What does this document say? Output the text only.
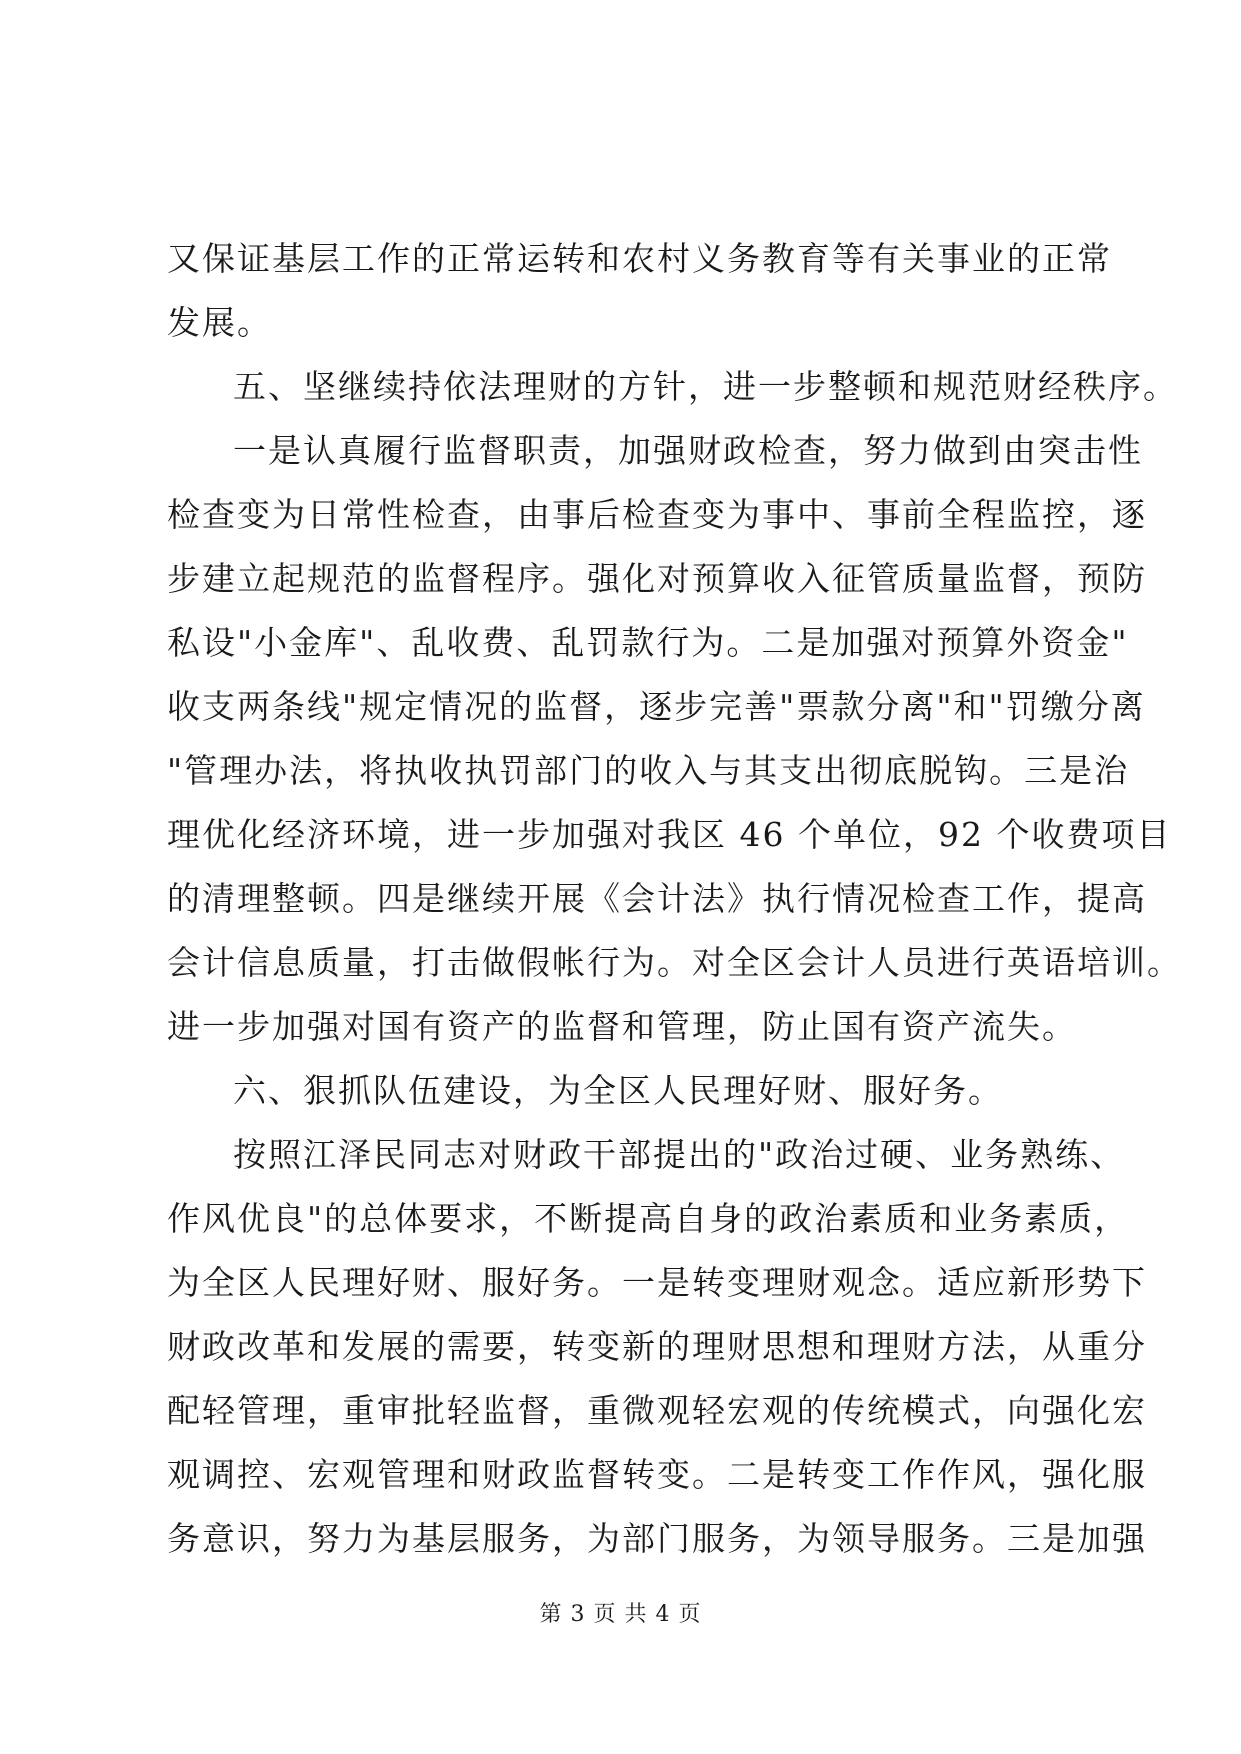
又保证基层工作的正常运转和农村义务教育等有关事业的正常
发展。
五、坚继续持依法理财的方针，进一步整顿和规范财经秩序。
一是认真履行监督职责，加强财政检查，努力做到由突击性
检查变为日常性检查，由事后检查变为事中、事前全程监控，逐
步建立起规范的监督程序。强化对预算收入征管质量监督，预防
私设"小金库"、乱收费、乱罚款行为。二是加强对预算外资金"
收支两条线"规定情况的监督，逐步完善"票款分离"和"罚缴分离
"管理办法，将执收执罚部门的收入与其支出彻底脱钩。三是治
理优化经济环境，进一步加强对我区 46 个单位，92 个收费项目
的清理整顿。四是继续开展《会计法》执行情况检查工作，提高
会计信息质量，打击做假帐行为。对全区会计人员进行英语培训。
进一步加强对国有资产的监督和管理，防止国有资产流失。
六、狠抓队伍建设，为全区人民理好财、服好务。
按照江泽民同志对财政干部提出的"政治过硬、业务熟练、
作风优良"的总体要求，不断提高自身的政治素质和业务素质，
为全区人民理好财、服好务。一是转变理财观念。适应新形势下
财政改革和发展的需要，转变新的理财思想和理财方法，从重分
配轻管理，重审批轻监督，重微观轻宏观的传统模式，向强化宏
观调控、宏观管理和财政监督转变。二是转变工作作风，强化服
务意识，努力为基层服务，为部门服务，为领导服务。三是加强
第 3 页 共 4 页
